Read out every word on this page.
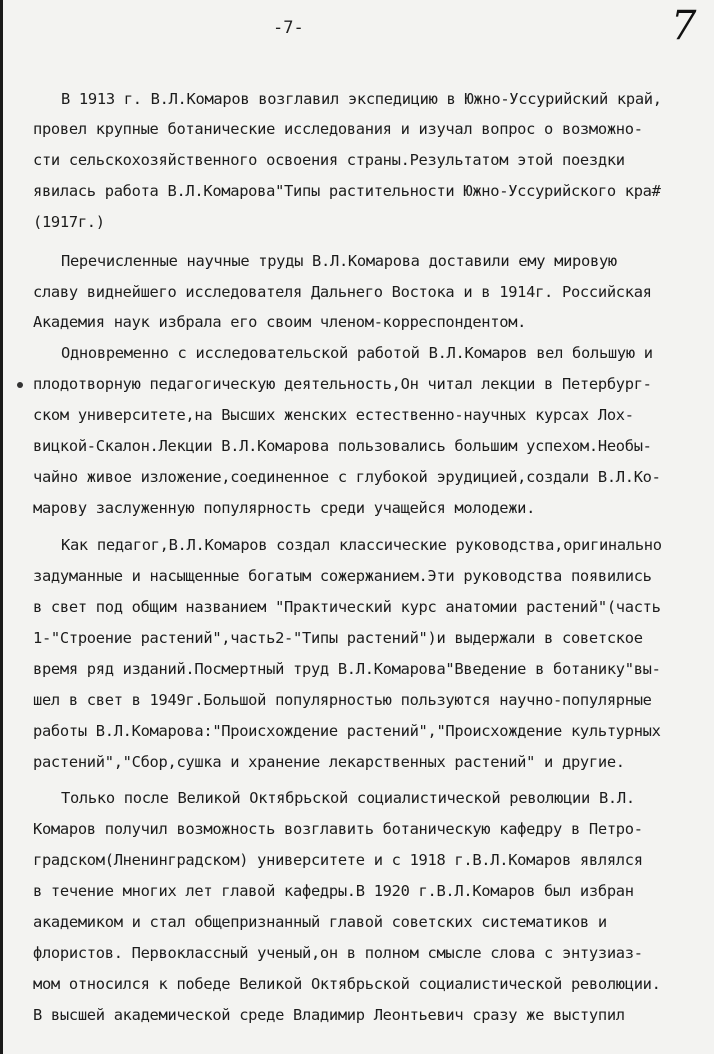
-7-	7
В 1913 г. В.Л.Комаров возглавил экспедицию в Южно-Уссурийский край,
провел крупные ботанические исследования и изучал вопрос о возможно-
сти сельскохозяйственного освоения страны.Результатом этой поездки
явилась работа В.Л.Комарова"Типы растительности Южно-Уссурийского кра#
(1917г.)
Перечисленные научные труды В.Л.Комарова доставили ему мировую
славу виднейшего исследователя Дальнего Востока и в 1914г. Российская
Академия наук избрала его своим членом-корреспондентом.
Одновременно с исследовательской работой В.Л.Комаров вел большую и
плодотворную педагогическую деятельность,Он читал лекции в Петербург-
ском университете,на Высших женских естественно-научных курсах Лох-
вицкой-Скалон.Лекции В.Л.Комарова пользовались большим успехом.Необы-
чайно живое изложение,соединенное с глубокой эрудицией,создали В.Л.Ко-
марову заслуженную популярность среди учащейся молодежи.
Как педагог,В.Л.Комаров создал классические руководства,оригинально
задуманные и насыщенные богатым сожержанием.Эти руководства появились
в свет под общим названием "Практический курс анатомии растений"(часть
1-"Строение растений",часть2-"Типы растений")и выдержали в советское
время ряд изданий.Посмертный труд В.Л.Комарова"Введение в ботанику"вы-
шел в свет в 1949г.Большой популярностью пользуются научно-популярные
работы В.Л.Комарова:"Происхождение растений","Происхождение культурных
растений","Сбор,сушка и хранение лекарственных растений" и другие.
Только после Великой Октябрьской социалистической революции В.Л.
Комаров получил возможность возглавить ботаническую кафедру в Петро-
градском(Лненинградском) университете и с 1918 г.В.Л.Комаров являлся
в течение многих лет главой кафедры.В 1920 г.В.Л.Комаров был избран
академиком и стал общепризнанный главой советских систематиков и
флористов. Первоклассный ученый,он в полном смысле слова с энтузиаз-
мом относился к победе Великой Октябрьской социалистической революции.
В высшей академической среде Владимир Леонтьевич сразу же выступил
